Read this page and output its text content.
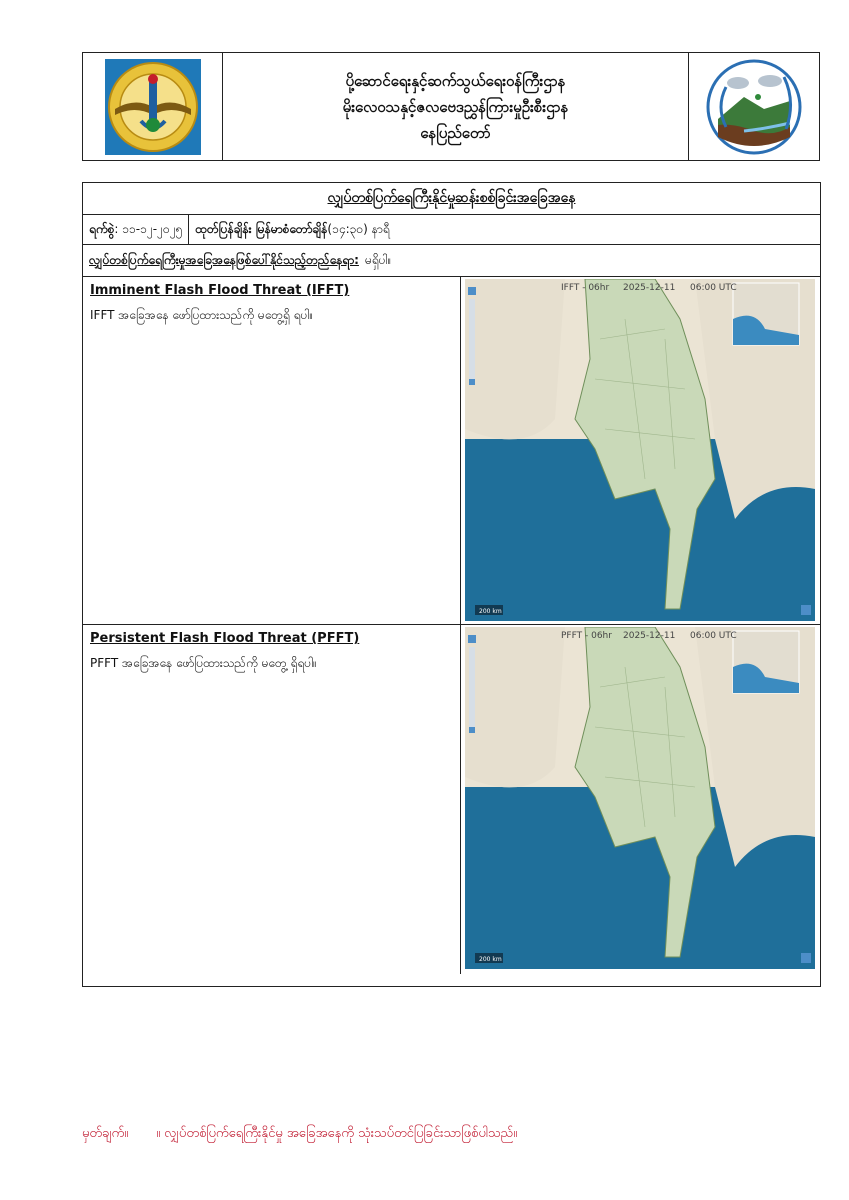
ပို့ဆောင်ရေးနှင့်ဆက်သွယ်ရေးဝန်ကြီးဌာန
မိုးလေဝသနှင့်ဇလဗေဒညွှန်ကြားမှုဦးစီးဌာန
နေပြည်တော်
လျှပ်တစ်ပြက်ရေကြီးနိုင်မှုဆန်းစစ်ခြင်းအခြေအနေ
ရက်စွဲ : ၁၁-၁၂-၂၀၂၅ ထုတ်ပြန်ချိန်း မြန်မာစံတော်ချိန် (၁၄:၃၀) နာရီ
လျှပ်တစ်ပြက်ရေကြီးမှုအခြေအနေဖြစ်ပေါ်နိုင်သည့်တည်နေရာ: မရှိပါ။
Imminent Flash Flood Threat (IFFT)
IFFT အခြေအနေ ဖော်ပြထားသည်ကို မတွေ့ရှိ ရပါ။
200 km
IFFT - 06hr 2025-12-11 06:00 UTC
Persistent Flash Flood Threat (PFFT)
PFFT အခြေအနေ ဖော်ပြထားသည်ကို မတွေ့ ရှိရပါ။
200 km
PFFT - 06hr 2025-12-11 06:00 UTC
မှတ်ချက်။ ။ လျှပ်တစ်ပြက်ရေကြီးနိုင်မှု အခြေအနေကို သုံးသပ်တင်ပြခြင်းသာဖြစ်ပါသည်။
